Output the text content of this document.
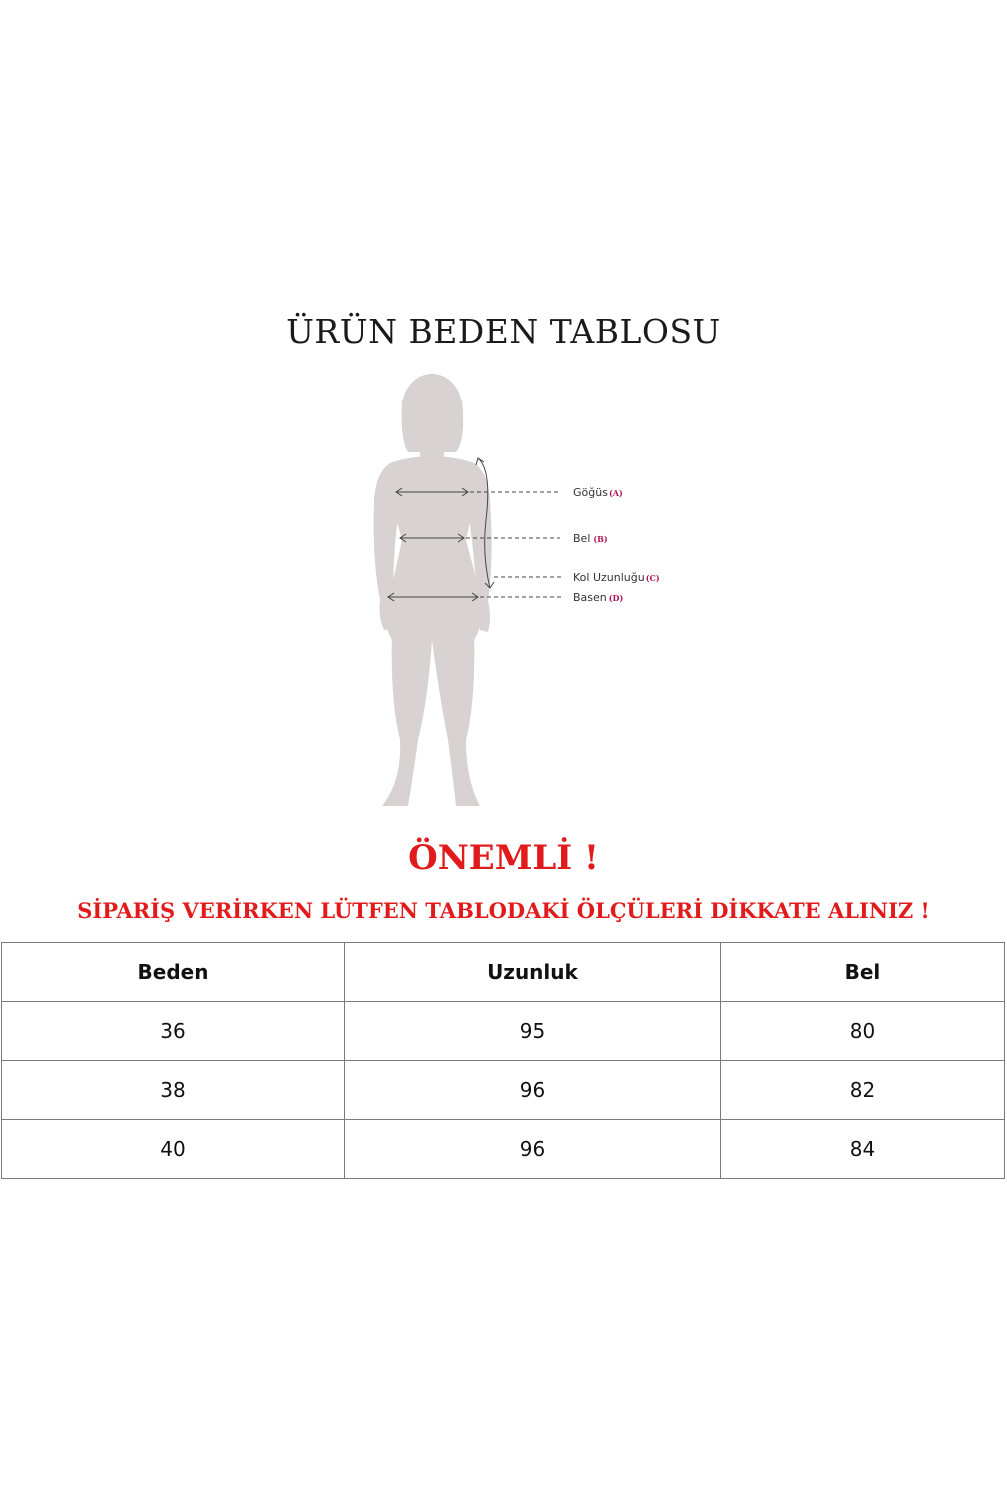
ÜRÜN BEDEN TABLOSU
Göğüs(A)
Bel (B)
Kol Uzunluğu(C)
Basen (D)
ÖNEMLİ !
SİPARİŞ VERİRKEN LÜTFEN TABLODAKİ ÖLÇÜLERİ DİKKATE ALINIZ !
Beden	Uzunluk	Bel
36	95	80
38	96	82
40	96	84
